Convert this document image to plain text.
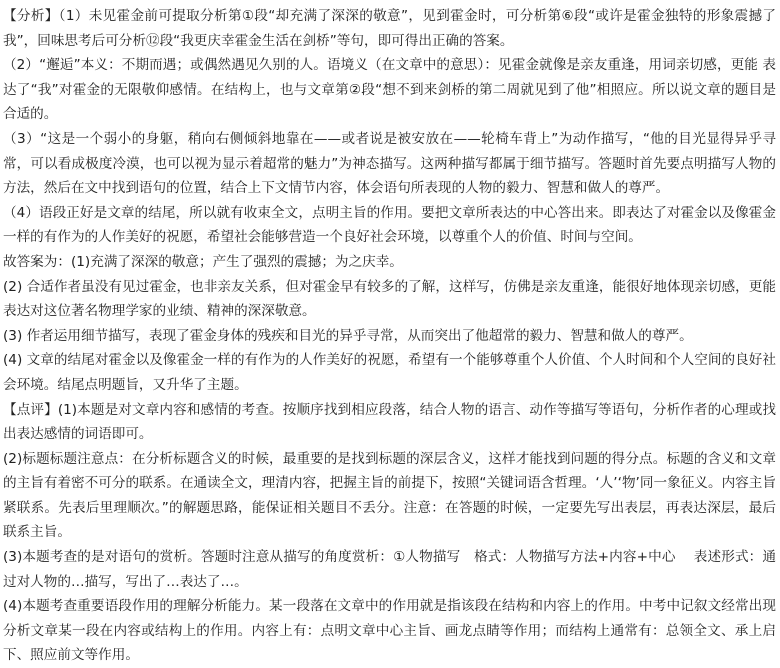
【分析】（1）未见霍金前可提取分析第①段“却充满了深深的敬意”，见到霍金时，可分析第⑥段“或许是霍金独特的形象震撼了我”，回味思考后可分析⑫段“我更庆幸霍金生活在剑桥”等句，即可得出正确的答案。

（2）“邂逅”本义：不期而遇；或偶然遇见久别的人。语境义（在文章中的意思）：见霍金就像是亲友重逢，用词亲切感，更能 表达了“我”对霍金的无限敬仰感情。在结构上，也与文章第②段“想不到来剑桥的第二周就见到了他”相照应。所以说文章的题目是合适的。

（3）“这是一个弱小的身躯，稍向右侧倾斜地靠在——或者说是被安放在——轮椅车背上”为动作描写，“他的目光显得异乎寻常，可以看成极度冷漠，也可以视为显示着超常的魅力”为神态描写。这两种描写都属于细节描写。答题时首先要点明描写人物的方法，然后在文中找到语句的位置，结合上下文情节内容，体会语句所表现的人物的毅力、智慧和做人的尊严。

（4）语段正好是文章的结尾，所以就有收束全文，点明主旨的作用。要把文章所表达的中心答出来。即表达了对霍金以及像霍金一样的有作为的人作美好的祝愿，希望社会能够营造一个良好社会环境，以尊重个人的价值、时间与空间。

故答案为：(1)充满了深深的敬意；产生了强烈的震撼；为之庆幸。

(2) 合适作者虽没有见过霍金，也非亲友关系，但对霍金早有较多的了解，这样写，仿佛是亲友重逢，能很好地体现亲切感，更能表达对这位著名物理学家的业绩、精神的深深敬意。

(3) 作者运用细节描写，表现了霍金身体的残疾和目光的异乎寻常，从而突出了他超常的毅力、智慧和做人的尊严。

(4) 文章的结尾对霍金以及像霍金一样的有作为的人作美好的祝愿，希望有一个能够尊重个人价值、个人时间和个人空间的良好社会环境。结尾点明题旨，又升华了主题。

【点评】(1)本题是对文章内容和感情的考查。按顺序找到相应段落，结合人物的语言、动作等描写等语句，分析作者的心理或找出表达感情的词语即可。

(2)标题标题注意点：在分析标题含义的时候，最重要的是找到标题的深层含义，这样才能找到问题的得分点。标题的含义和文章的主旨有着密不可分的联系。在通读全文，理清内容，把握主旨的前提下，按照“关键词语含哲理。‘人’‘物’同一象征义。内容主旨紧联系。先表后里理顺次。”的解题思路，能保证相关题目不丢分。注意：在答题的时候，一定要先写出表层，再表达深层，最后联系主旨。

(3)本题考查的是对语句的赏析。答题时注意从描写的角度赏析：①人物描写　格式：人物描写方法+内容+中心　 表述形式：通过对人物的…描写，写出了…表达了…。

(4)本题考查重要语段作用的理解分析能力。某一段落在文章中的作用就是指该段在结构和内容上的作用。中考中记叙文经常出现分析文章某一段在内容或结构上的作用。内容上有：点明文章中心主旨、画龙点睛等作用；而结构上通常有：总领全文、承上启下、照应前文等作用。
